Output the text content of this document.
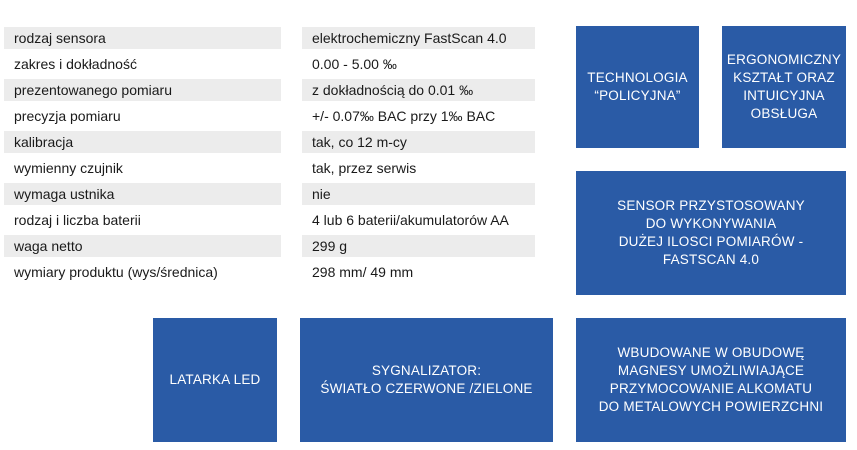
rodzaj sensora	elektrochemiczny FastScan 4.0
zakres i dokładność	0.00 - 5.00 ‰
prezentowanego pomiaru	z dokładnością do 0.01 ‰
precyzja pomiaru	+/- 0.07‰ BAC przy 1‰ BAC
kalibracja	tak, co 12 m-cy
wymienny czujnik	tak, przez serwis
wymaga ustnika	nie
rodzaj i liczba baterii	4 lub 6 baterii/akumulatorów AA
waga netto	299 g
wymiary produktu (wys/średnica)	298 mm/ 49 mm
TECHNOLOGIA
“POLICYJNA”
ERGONOMICZNY
KSZTAŁT ORAZ
INTUICYJNA
OBSŁUGA
SENSOR PRZYSTOSOWANY
DO WYKONYWANIA
DUŻEJ ILOSCI POMIARÓW -
FASTSCAN 4.0
LATARKA LED
SYGNALIZATOR:
ŚWIATŁO CZERWONE /ZIELONE
WBUDOWANE W OBUDOWĘ
MAGNESY UMOŻLIWIAJĄCE
PRZYMOCOWANIE ALKOMATU
DO METALOWYCH POWIERZCHNI
